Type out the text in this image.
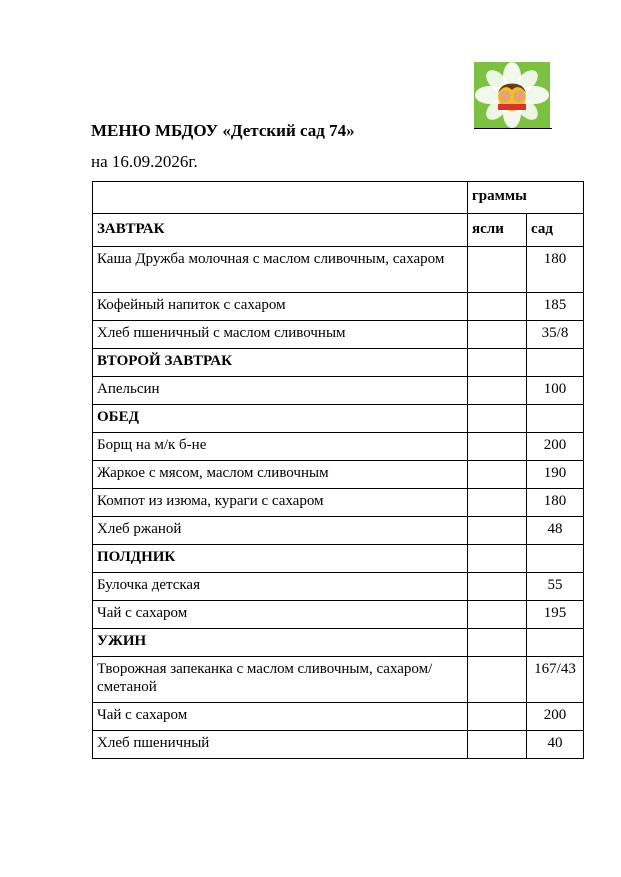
МЕНЮ МБДОУ «Детский сад 74»
на 16.09.2026г.
	граммы	
ЗАВТРАК	ясли	сад
Каша Дружба молочная с маслом сливочным, сахаром		180
Кофейный напиток с сахаром		185
Хлеб пшеничный с маслом сливочным		35/8
ВТОРОЙ ЗАВТРАК		
Апельсин		100
ОБЕД		
Борщ на м/к б-не		200
Жаркое с мясом, маслом сливочным		190
Компот из изюма, кураги с сахаром		180
Хлеб ржаной		48
ПОЛДНИК		
Булочка детская		55
Чай с сахаром		195
УЖИН		
Творожная запеканка с маслом сливочным, сахаром/сметаной		167/43
Чай с сахаром		200
Хлеб пшеничный		40
